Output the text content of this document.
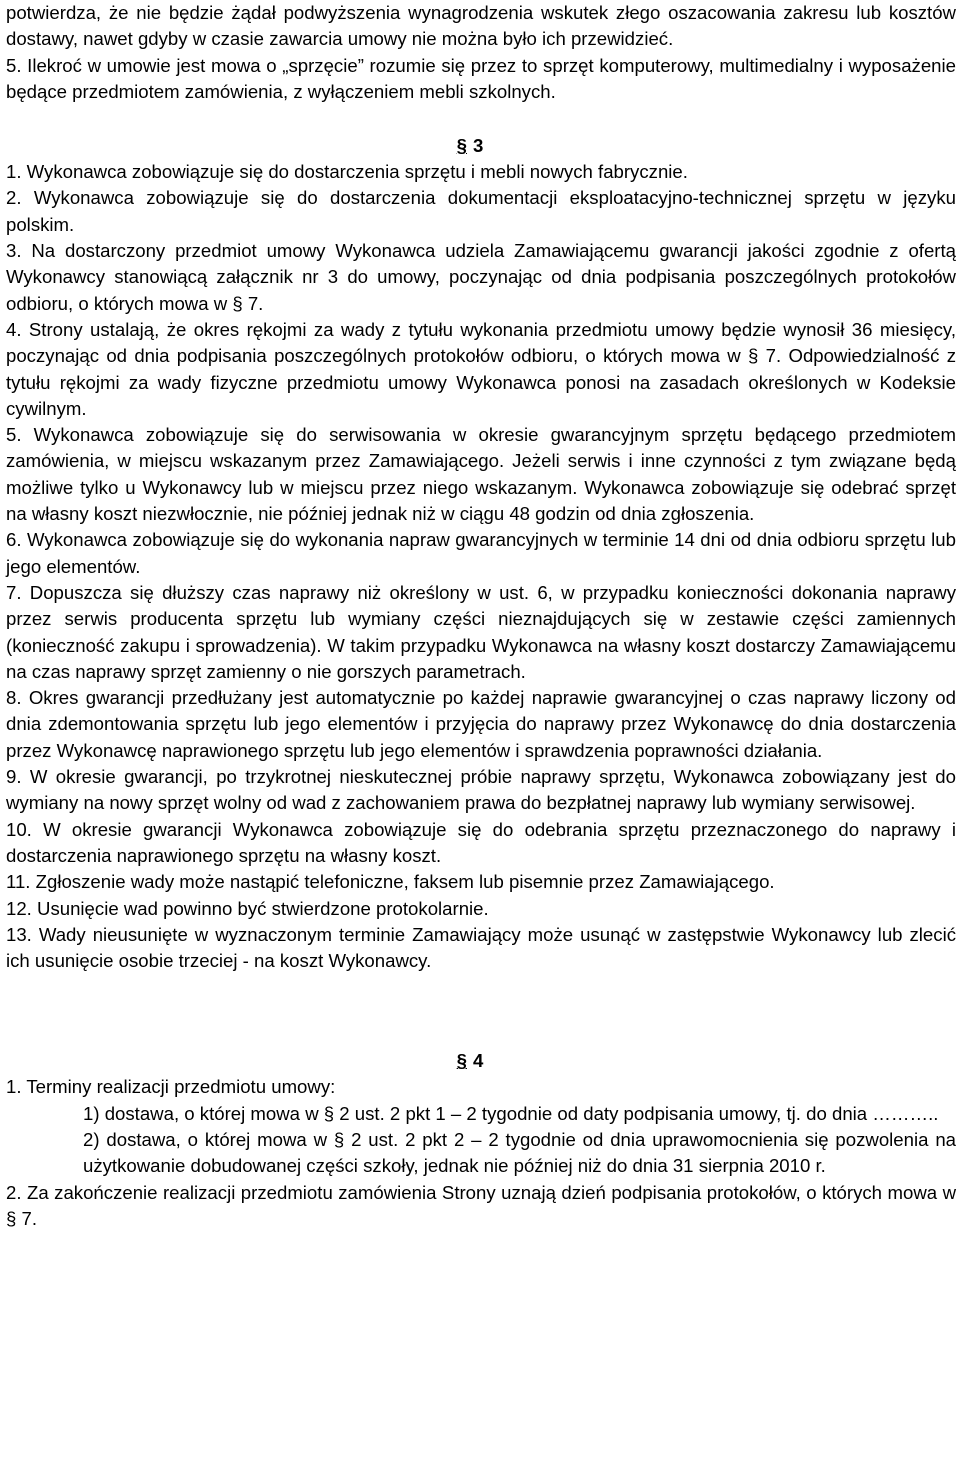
potwierdza, że nie będzie żądał podwyższenia wynagrodzenia wskutek złego oszacowania zakresu lub kosztów dostawy, nawet gdyby w czasie zawarcia umowy nie można było ich przewidzieć.

5. Ilekroć w umowie jest mowa o „sprzęcie” rozumie się przez to sprzęt komputerowy, multimedialny i wyposażenie będące przedmiotem zamówienia, z wyłączeniem mebli szkolnych.

§ 3

1. Wykonawca zobowiązuje się do dostarczenia sprzętu i mebli nowych fabrycznie.

2. Wykonawca zobowiązuje się do dostarczenia dokumentacji eksploatacyjno-technicznej sprzętu w języku polskim.

3. Na dostarczony przedmiot umowy Wykonawca udziela Zamawiającemu gwarancji jakości zgodnie z ofertą Wykonawcy stanowiącą załącznik nr 3 do umowy, poczynając od dnia podpisania poszczególnych protokołów odbioru, o których mowa w § 7.

4. Strony ustalają, że okres rękojmi za wady z tytułu wykonania przedmiotu umowy będzie wynosił 36 miesięcy, poczynając od dnia podpisania poszczególnych protokołów odbioru, o których mowa w § 7. Odpowiedzialność z tytułu rękojmi za wady fizyczne przedmiotu umowy Wykonawca ponosi na zasadach określonych w Kodeksie cywilnym.

5. Wykonawca zobowiązuje się do serwisowania w okresie gwarancyjnym sprzętu będącego przedmiotem zamówienia, w miejscu wskazanym przez Zamawiającego. Jeżeli serwis i inne czynności z tym związane będą możliwe tylko u Wykonawcy lub w miejscu przez niego wskazanym. Wykonawca zobowiązuje się odebrać sprzęt na własny koszt niezwłocznie, nie później jednak niż w ciągu 48 godzin od dnia zgłoszenia.

6. Wykonawca zobowiązuje się do wykonania napraw gwarancyjnych w terminie 14 dni od dnia odbioru sprzętu lub jego elementów.

7. Dopuszcza się dłuższy czas naprawy niż określony w ust. 6, w przypadku konieczności dokonania naprawy przez serwis producenta sprzętu lub wymiany części nieznajdujących się w zestawie części zamiennych (konieczność zakupu i sprowadzenia). W takim przypadku Wykonawca na własny koszt dostarczy Zamawiającemu na czas naprawy sprzęt zamienny o nie gorszych parametrach.

8. Okres gwarancji przedłużany jest automatycznie po każdej naprawie gwarancyjnej o czas naprawy liczony od dnia zdemontowania sprzętu lub jego elementów i przyjęcia do naprawy przez Wykonawcę do dnia dostarczenia przez Wykonawcę naprawionego sprzętu lub jego elementów i sprawdzenia poprawności działania.

9. W okresie gwarancji, po trzykrotnej nieskutecznej próbie naprawy sprzętu, Wykonawca zobowiązany jest do wymiany na nowy sprzęt wolny od wad z zachowaniem prawa do bezpłatnej naprawy lub wymiany serwisowej.

10. W okresie gwarancji Wykonawca zobowiązuje się do odebrania sprzętu przeznaczonego do naprawy i dostarczenia naprawionego sprzętu na własny koszt.

11. Zgłoszenie wady może nastąpić telefoniczne, faksem lub pisemnie przez Zamawiającego.

12. Usunięcie wad powinno być stwierdzone protokolarnie.

13. Wady nieusunięte w wyznaczonym terminie Zamawiający może usunąć w zastępstwie Wykonawcy lub zlecić ich usunięcie osobie trzeciej - na koszt Wykonawcy.

§ 4

1. Terminy realizacji przedmiotu umowy:

1) dostawa, o której mowa w § 2 ust. 2 pkt 1 – 2 tygodnie od daty podpisania umowy, tj. do dnia ………..

2) dostawa, o której mowa w § 2 ust. 2 pkt 2 – 2 tygodnie od dnia uprawomocnienia się pozwolenia na użytkowanie dobudowanej części szkoły, jednak nie później niż do dnia 31 sierpnia 2010 r.

2. Za zakończenie realizacji przedmiotu zamówienia Strony uznają dzień podpisania protokołów, o których mowa w § 7.
